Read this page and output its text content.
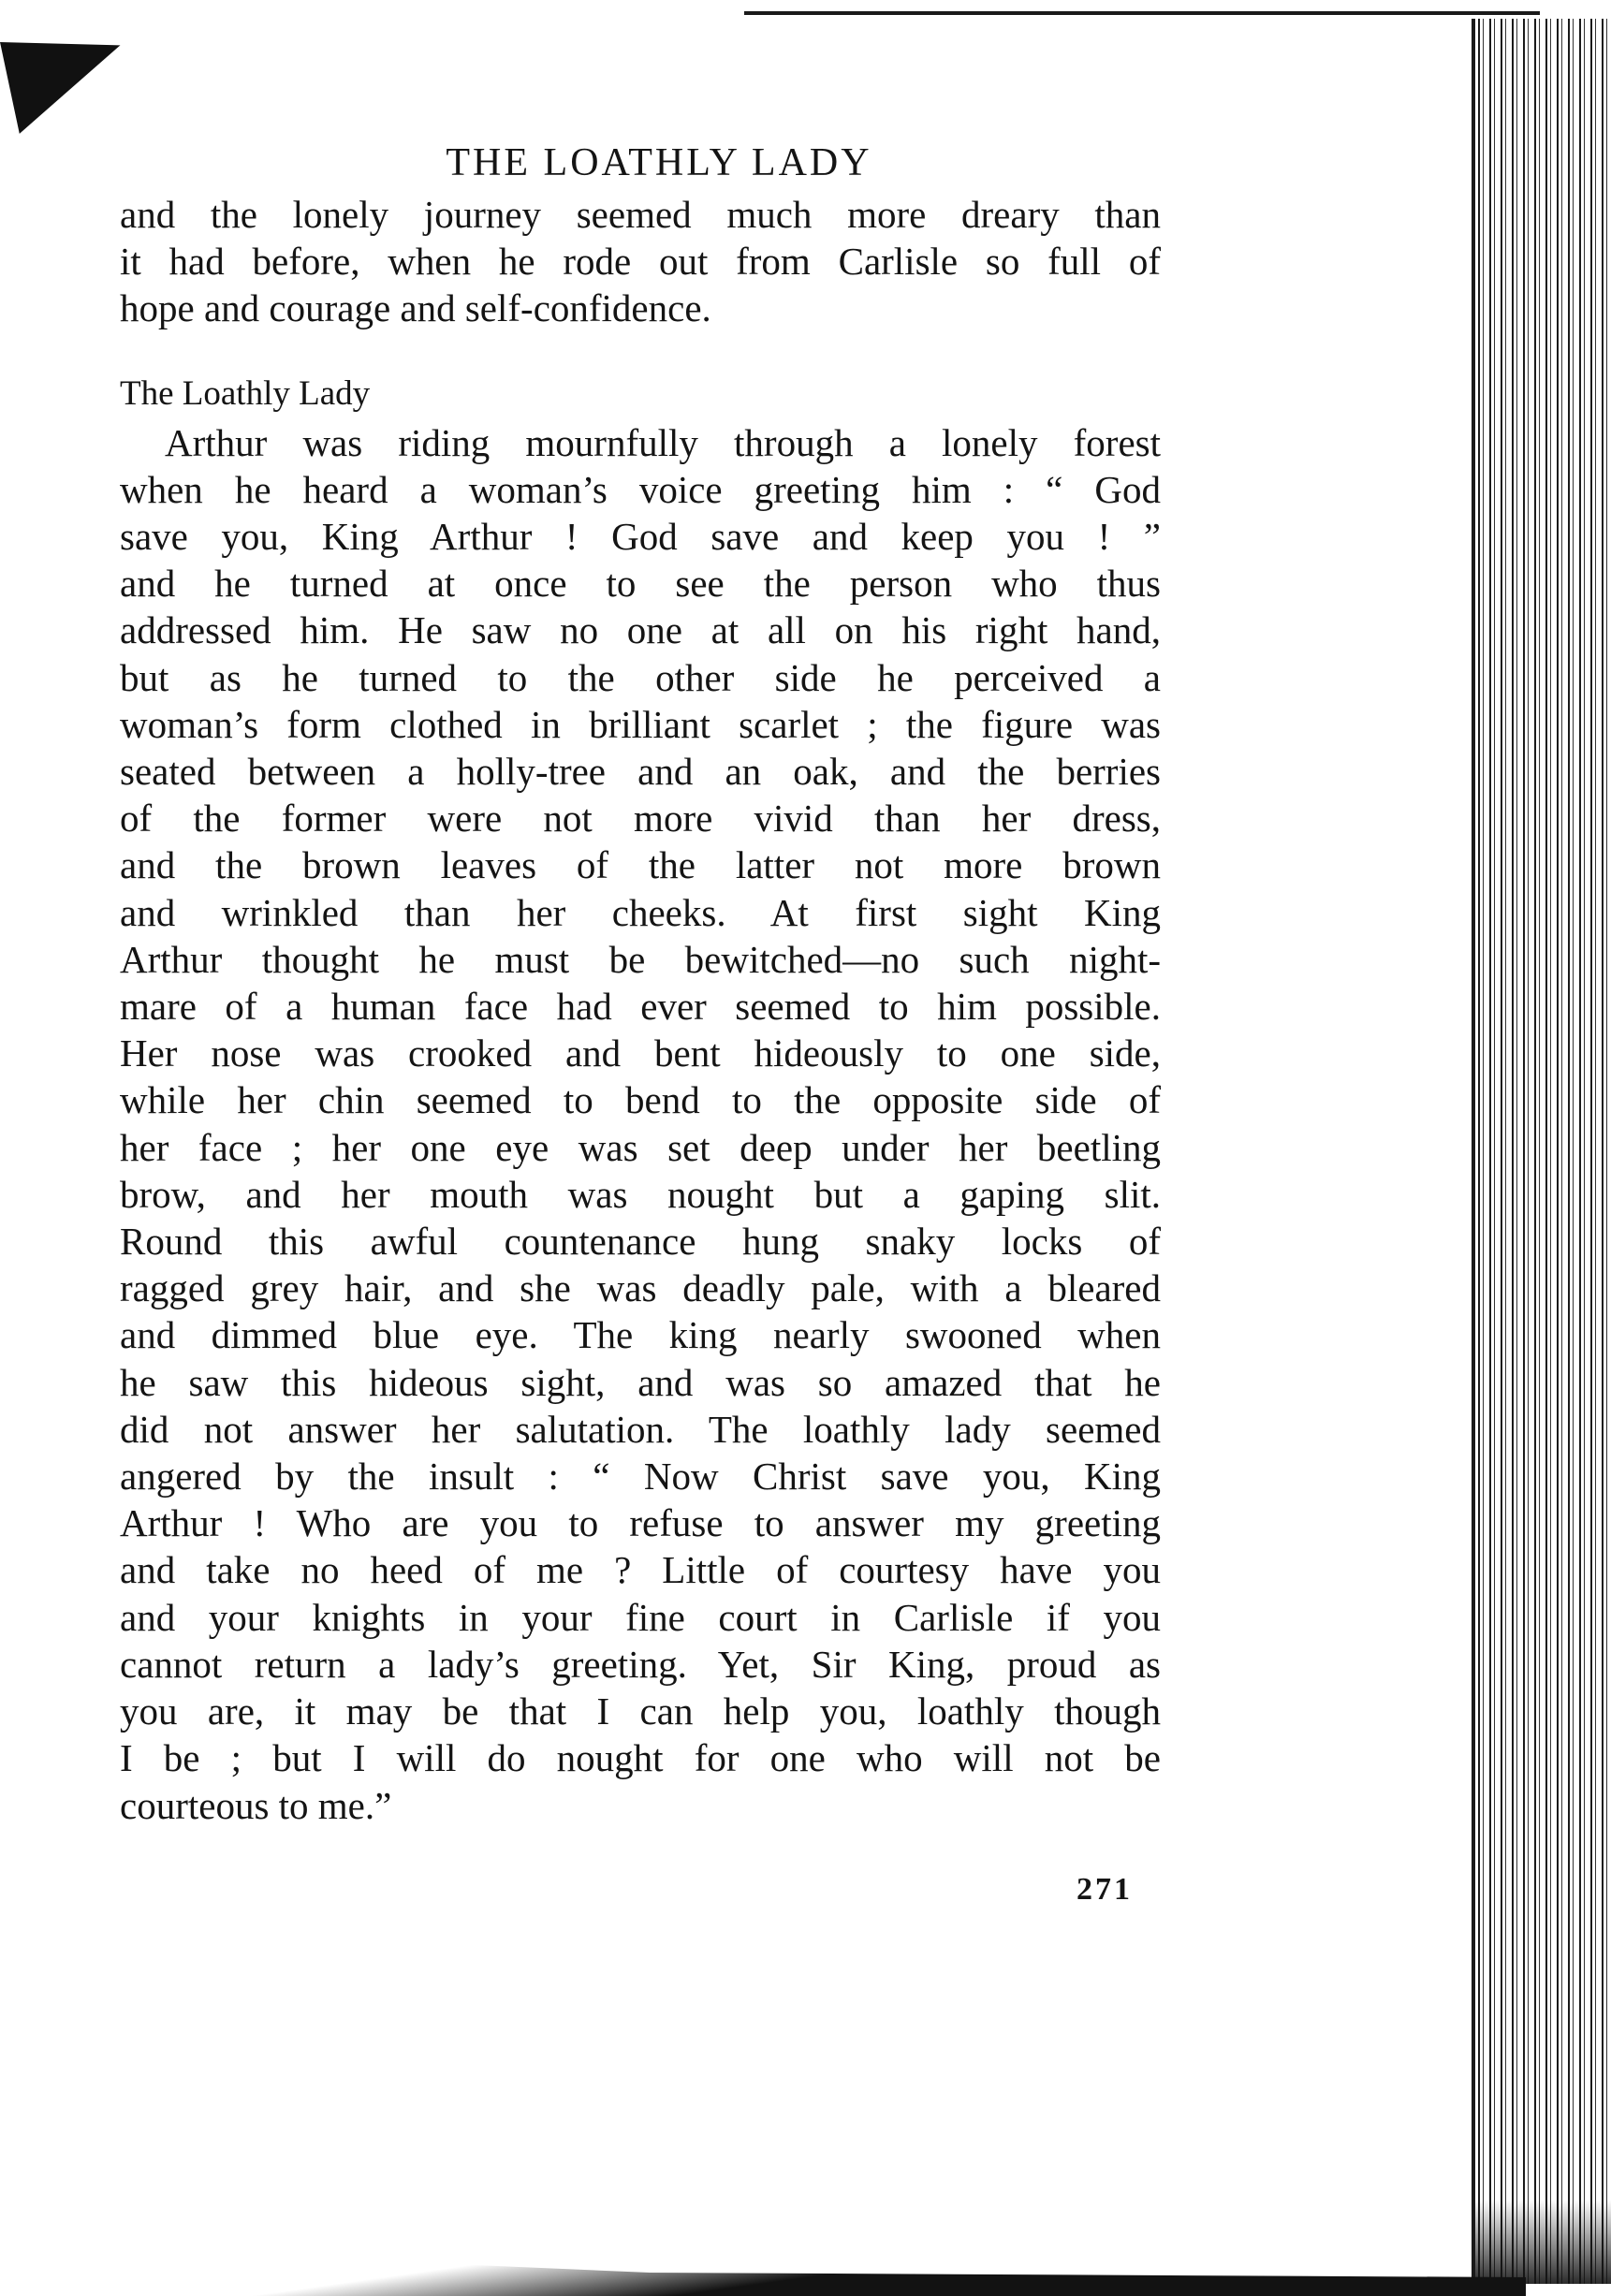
THE LOATHLY LADY

and the lonely journey seemed much more dreary than
it had before, when he rode out from Carlisle so full of
hope and courage and self-confidence.

The Loathly Lady

Arthur was riding mournfully through a lonely forest
when he heard a woman’s voice greeting him : “ God
save you, King Arthur ! God save and keep you ! ”
and he turned at once to see the person who thus
addressed him. He saw no one at all on his right hand,
but as he turned to the other side he perceived a
woman’s form clothed in brilliant scarlet ; the figure was
seated between a holly-tree and an oak, and the berries
of the former were not more vivid than her dress,
and the brown leaves of the latter not more brown
and wrinkled than her cheeks. At first sight King
Arthur thought he must be bewitched—no such night-
mare of a human face had ever seemed to him possible.
Her nose was crooked and bent hideously to one side,
while her chin seemed to bend to the opposite side of
her face ; her one eye was set deep under her beetling
brow, and her mouth was nought but a gaping slit.
Round this awful countenance hung snaky locks of
ragged grey hair, and she was deadly pale, with a bleared
and dimmed blue eye. The king nearly swooned when
he saw this hideous sight, and was so amazed that he
did not answer her salutation. The loathly lady seemed
angered by the insult : “ Now Christ save you, King
Arthur ! Who are you to refuse to answer my greeting
and take no heed of me ? Little of courtesy have you
and your knights in your fine court in Carlisle if you
cannot return a lady’s greeting. Yet, Sir King, proud as
you are, it may be that I can help you, loathly though
I be ; but I will do nought for one who will not be
courteous to me.”

271
